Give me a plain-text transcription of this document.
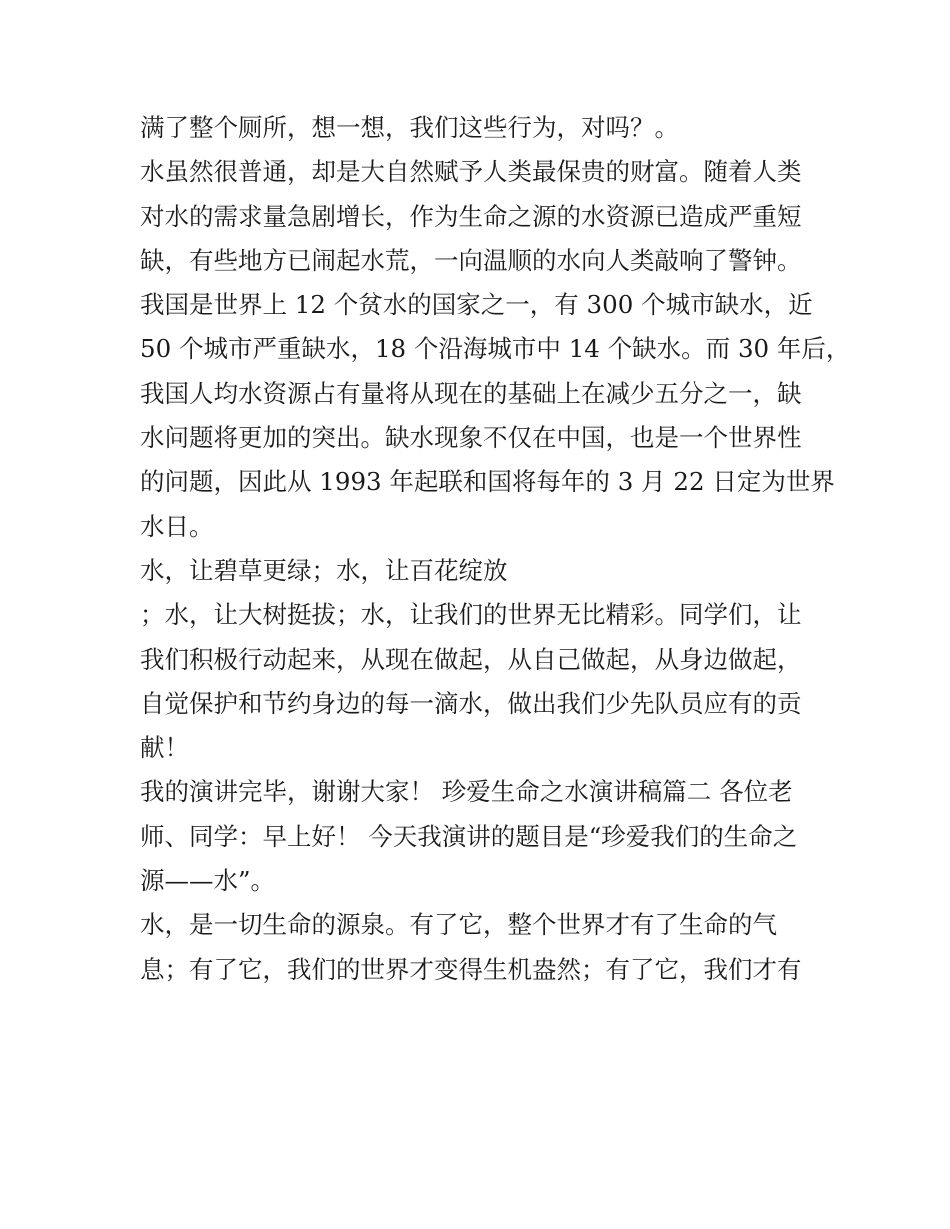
满了整个厕所，想一想，我们这些行为，对吗？。
水虽然很普通，却是大自然赋予人类最保贵的财富。随着人类
对水的需求量急剧增长，作为生命之源的水资源已造成严重短
缺，有些地方已闹起水荒，一向温顺的水向人类敲响了警钟。
我国是世界上 12 个贫水的国家之一，有 300 个城市缺水，近
50 个城市严重缺水，18 个沿海城市中 14 个缺水。而 30 年后，
我国人均水资源占有量将从现在的基础上在减少五分之一，缺
水问题将更加的突出。缺水现象不仅在中国，也是一个世界性
的问题，因此从 1993 年起联和国将每年的 3 月 22 日定为世界
水日。
水，让碧草更绿；水，让百花绽放
；水，让大树挺拔；水，让我们的世界无比精彩。同学们，让
我们积极行动起来，从现在做起，从自己做起，从身边做起，
自觉保护和节约身边的每一滴水，做出我们少先队员应有的贡
献！
我的演讲完毕，谢谢大家！ 珍爱生命之水演讲稿篇二 各位老
师、同学：早上好！ 今天我演讲的题目是“珍爱我们的生命之
源——水”。
水，是一切生命的源泉。有了它，整个世界才有了生命的气
息；有了它，我们的世界才变得生机盎然；有了它，我们才有
